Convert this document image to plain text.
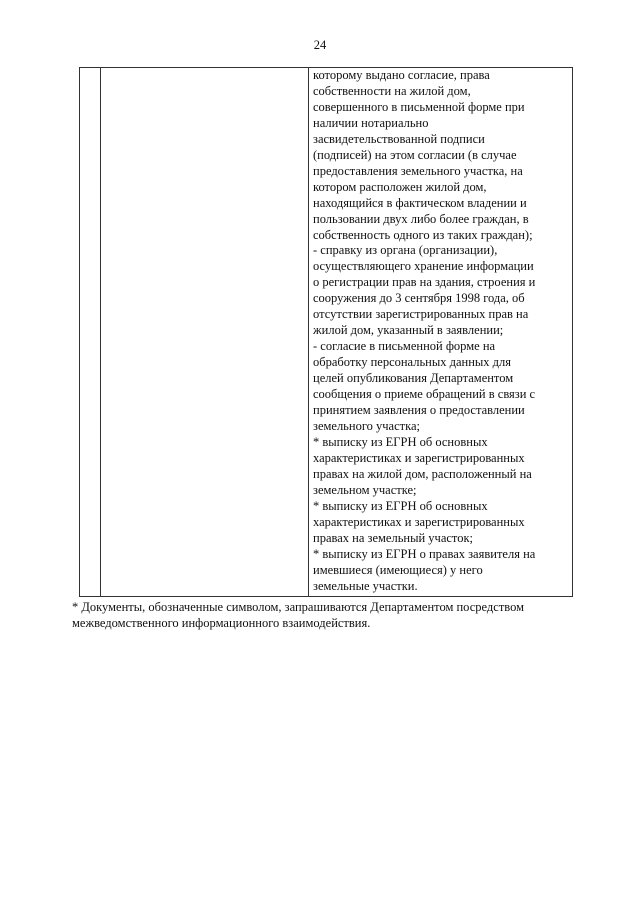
24
которому выдано согласие, права
собственности на жилой дом,
совершенного в письменной форме при
наличии нотариально
засвидетельствованной подписи
(подписей) на этом согласии (в случае
предоставления земельного участка, на
котором расположен жилой дом,
находящийся в фактическом владении и
пользовании двух либо более граждан, в
собственность одного из таких граждан);
- справку из органа (организации),
осуществляющего хранение информации
о регистрации прав на здания, строения и
сооружения до 3 сентября 1998 года, об
отсутствии зарегистрированных прав на
жилой дом, указанный в заявлении;
- согласие в письменной форме на
обработку персональных данных для
целей опубликования Департаментом
сообщения о приеме обращений в связи с
принятием заявления о предоставлении
земельного участка;
* выписку из ЕГРН об основных
характеристиках и зарегистрированных
правах на жилой дом, расположенный на
земельном участке;
* выписку из ЕГРН об основных
характеристиках и зарегистрированных
правах на земельный участок;
* выписку из ЕГРН о правах заявителя на
имевшиеся (имеющиеся) у него
земельные участки.
* Документы, обозначенные символом, запрашиваются Департаментом посредством
межведомственного информационного взаимодействия.
